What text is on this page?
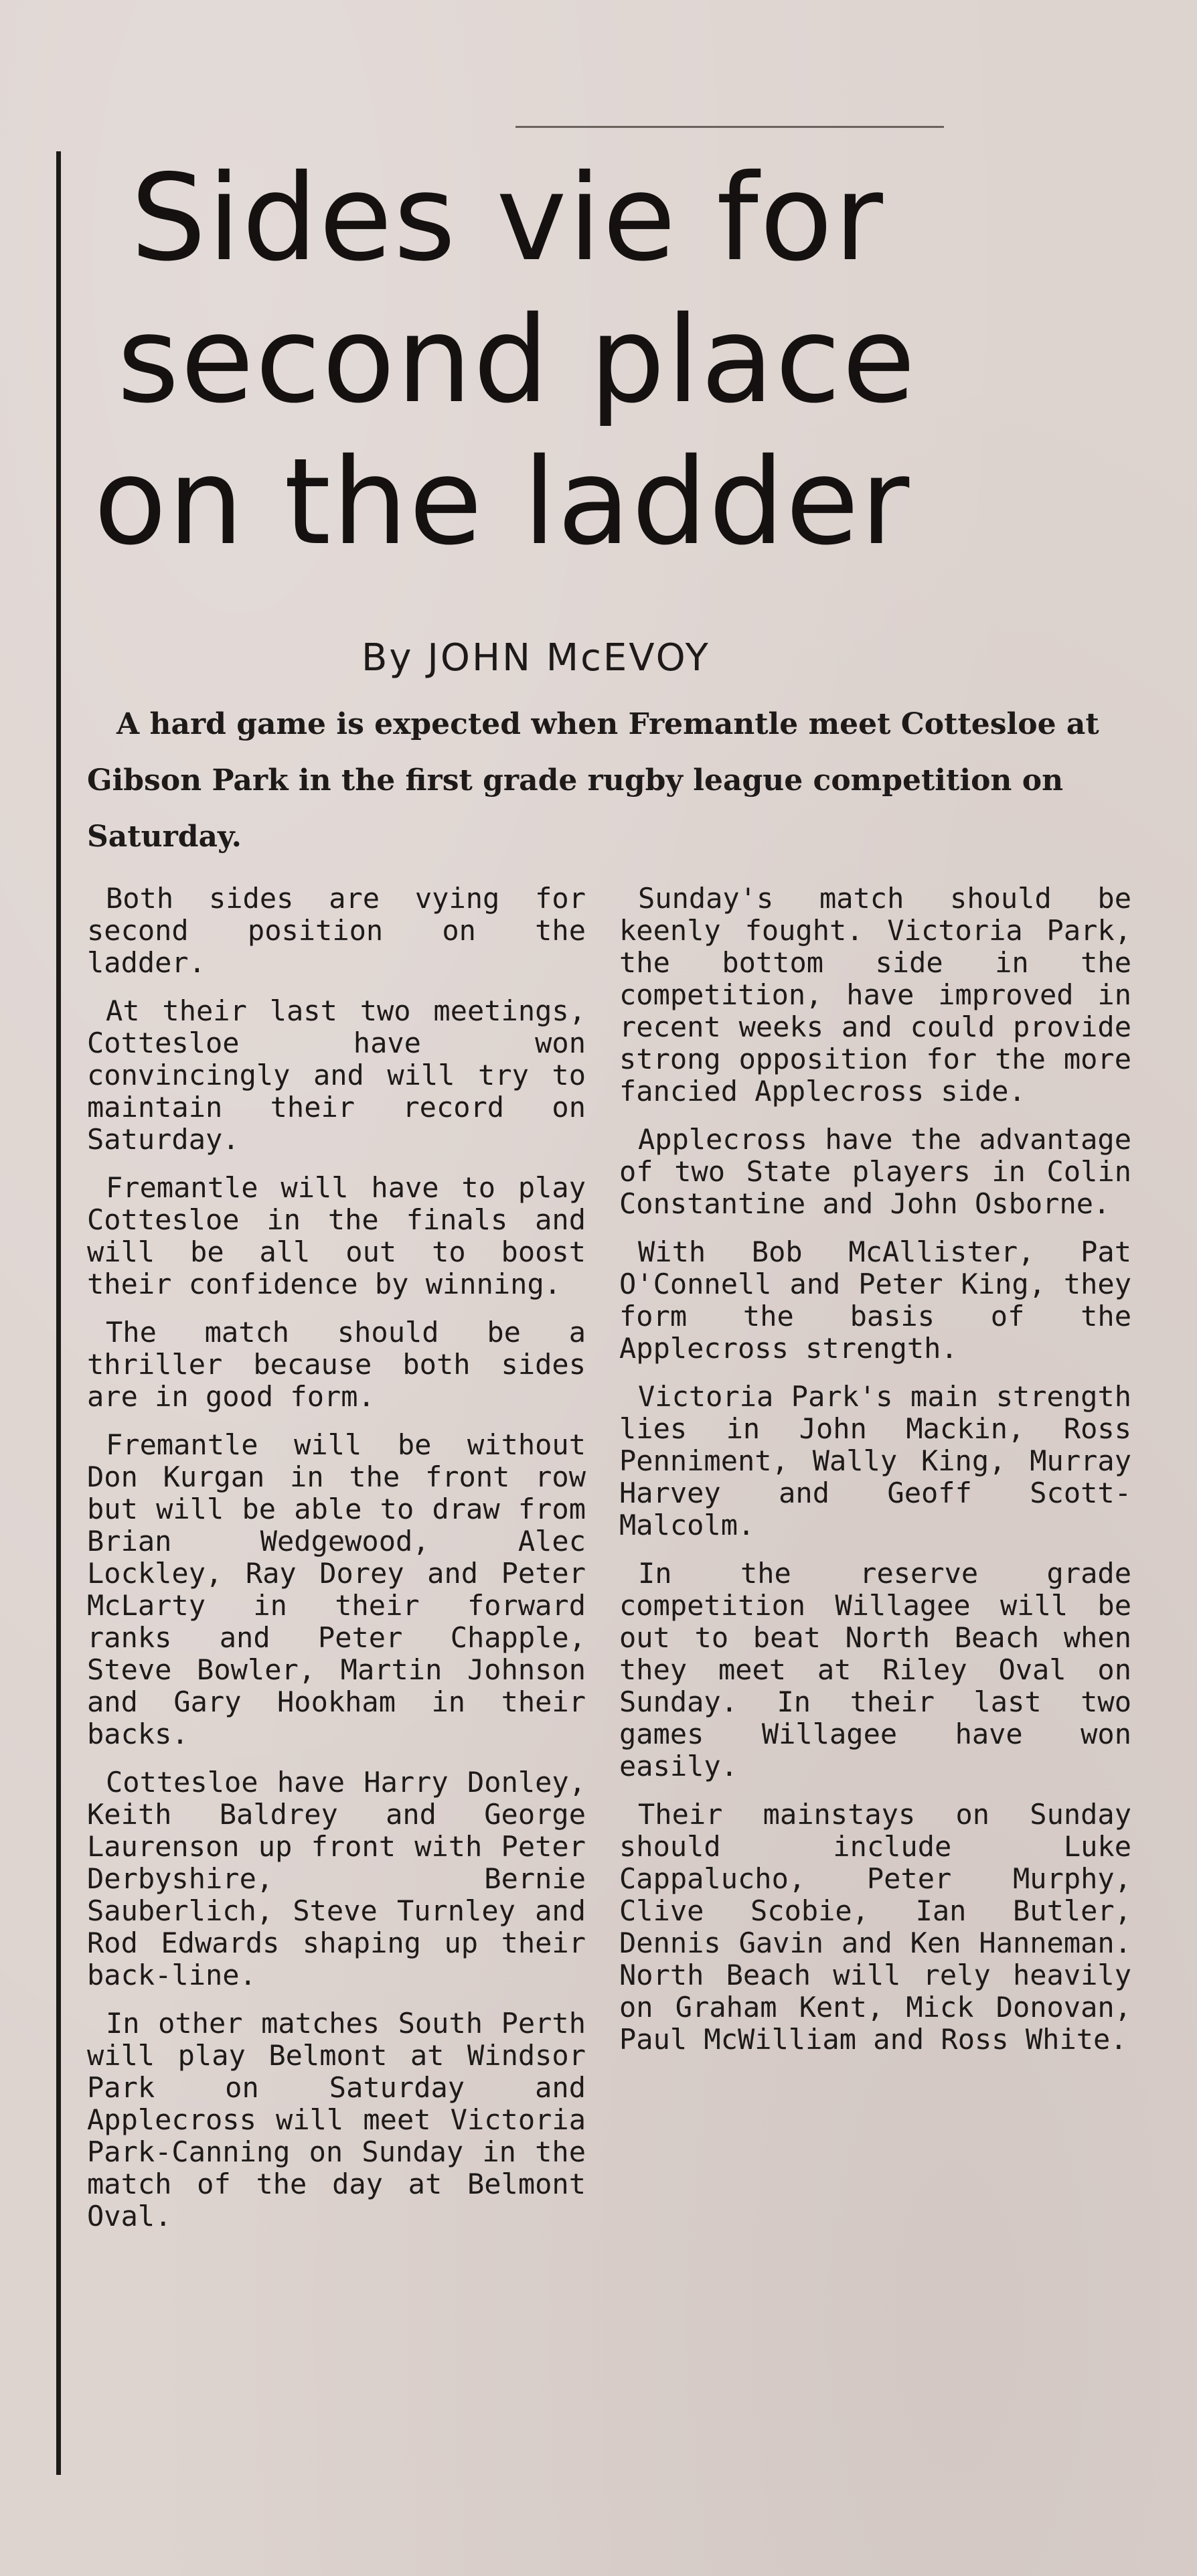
Sides vie for
second place
on the ladder
By JOHN McEVOY
A hard game is expected when Fremantle meet Cottesloe at Gibson Park in the first grade rugby league competition on Saturday.

Both sides are vying for second position on the ladder.

At their last two meetings, Cottesloe have won convincingly and will try to maintain their record on Saturday.

Fremantle will have to play Cottesloe in the finals and will be all out to boost their confidence by winning.

The match should be a thriller because both sides are in good form.

Fremantle will be without Don Kurgan in the front row but will be able to draw from Brian Wedgewood, Alec Lockley, Ray Dorey and Peter McLarty in their forward ranks and Peter Chapple, Steve Bowler, Martin Johnson and Gary Hookham in their backs.

Cottesloe have Harry Donley, Keith Baldrey and George Laurenson up front with Peter Derbyshire, Bernie Sauberlich, Steve Turnley and Rod Edwards shaping up their back-line.

In other matches South Perth will play Belmont at Windsor Park on Saturday and Applecross will meet Victoria Park-Canning on Sunday in the match of the day at Belmont Oval.

Sunday's match should be keenly fought. Victoria Park, the bottom side in the competition, have improved in recent weeks and could provide strong opposition for the more fancied Applecross side.

Applecross have the advantage of two State players in Colin Constantine and John Osborne.

With Bob McAllister, Pat O'Connell and Peter King, they form the basis of the Applecross strength.

Victoria Park's main strength lies in John Mackin, Ross Penniment, Wally King, Murray Harvey and Geoff Scott-Malcolm.

In the reserve grade competition Willagee will be out to beat North Beach when they meet at Riley Oval on Sunday. In their last two games Willagee have won easily.

Their mainstays on Sunday should include Luke Cappalucho, Peter Murphy, Clive Scobie, Ian Butler, Dennis Gavin and Ken Hanneman. North Beach will rely heavily on Graham Kent, Mick Donovan, Paul McWilliam and Ross White.
